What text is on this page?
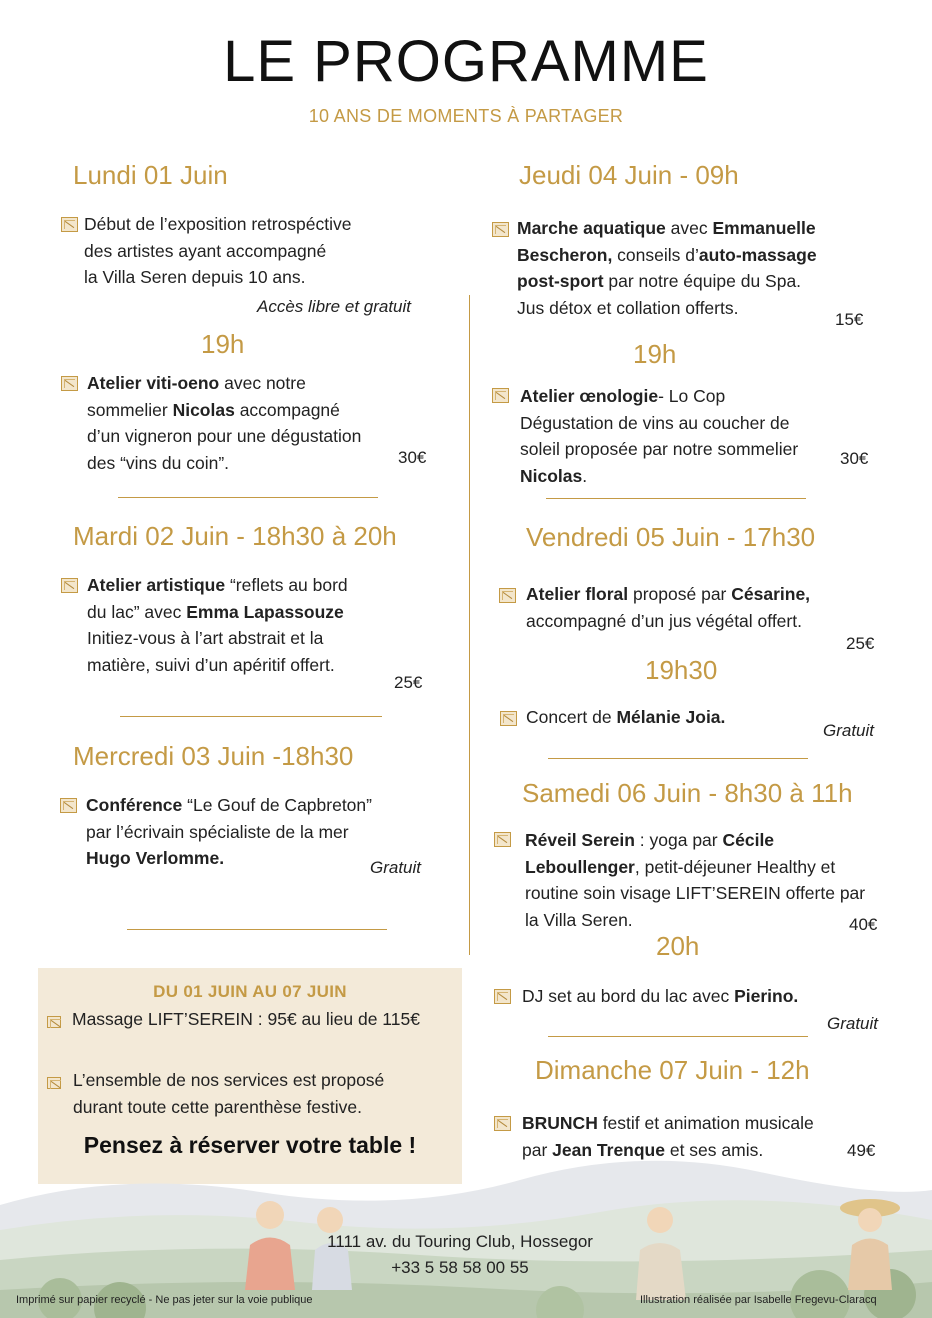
LE PROGRAMME
10 ANS DE MOMENTS À PARTAGER
Lundi 01 Juin
Début de l’exposition retrospéctive
des artistes ayant accompagné
la Villa Seren depuis 10 ans.
Accès libre et gratuit
19h
Atelier viti-oeno avec notre
sommelier Nicolas accompagné
d’un vigneron pour une dégustation
des “vins du coin”.	30€
Mardi 02 Juin - 18h30 à 20h
Atelier artistique “reflets au bord
du lac” avec Emma Lapassouze
Initiez-vous à l’art abstrait et la
matière, suivi d’un apéritif offert.
25€
Mercredi 03 Juin -18h30
Conférence “Le Gouf de Capbreton”
par l’écrivain spécialiste de la mer
Hugo Verlomme.	Gratuit
DU 01 JUIN AU 07 JUIN
Massage LIFT’SEREIN : 95€ au lieu de 115€
L’ensemble de nos services est proposé
durant toute cette parenthèse festive.
Pensez à réserver votre table !
Jeudi 04 Juin - 09h
Marche aquatique avec Emmanuelle
Bescheron, conseils d’auto-massage
post-sport par notre équipe du Spa.
Jus détox et collation offerts.
15€
19h
Atelier œnologie- Lo Cop
Dégustation de vins au coucher de
soleil proposée par notre sommelier
Nicolas.
30€
Vendredi 05 Juin - 17h30
Atelier floral proposé par Césarine,
accompagné d’un jus végétal offert.
25€
19h30
Concert de Mélanie Joia.
Gratuit
Samedi 06 Juin - 8h30 à 11h
Réveil Serein : yoga par Cécile
Leboullenger, petit-déjeuner Healthy et
routine soin visage LIFT’SEREIN offerte par
la Villa Seren.	40€
20h
DJ set au bord du lac avec Pierino.
Gratuit
Dimanche 07 Juin - 12h
BRUNCH festif et animation musicale
par Jean Trenque et ses amis.	49€
1111 av. du Touring Club, Hossegor
+33 5 58 58 00 55
Imprimé sur papier recyclé - Ne pas jeter sur la voie publique	Illustration réalisée par Isabelle Fregevu-Claracq
